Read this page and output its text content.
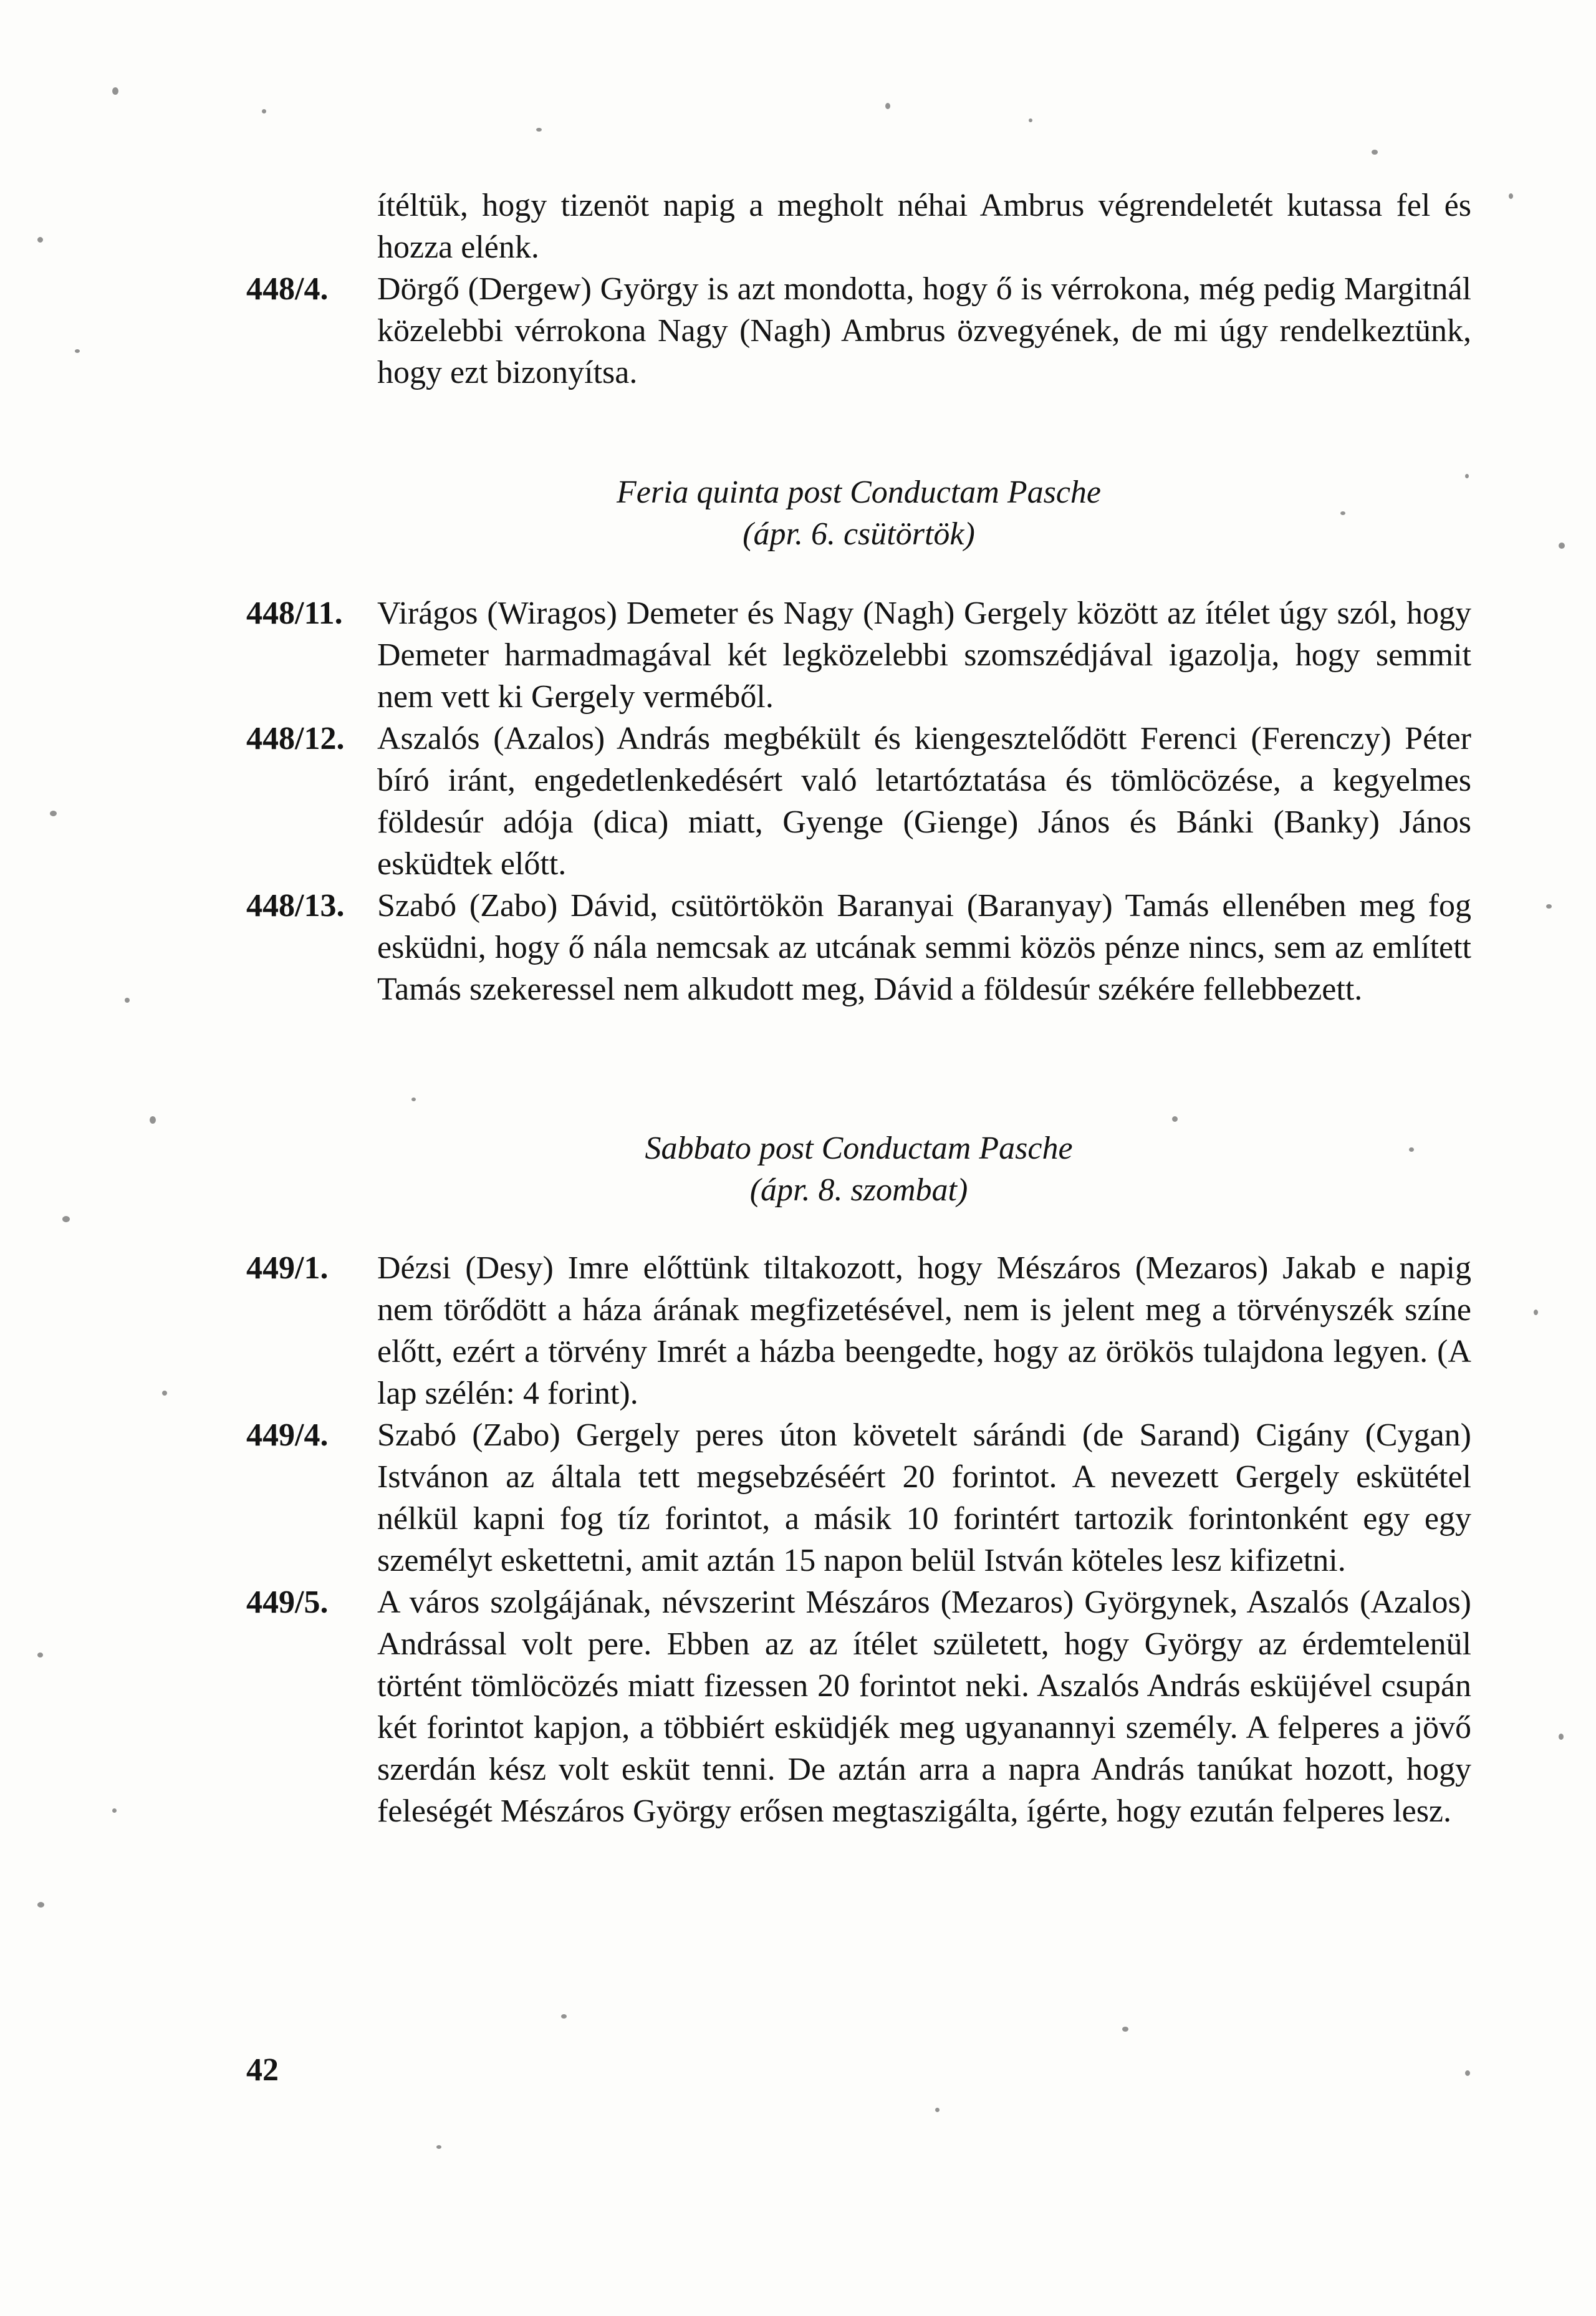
ítéltük, hogy tizenöt napig a megholt néhai Ambrus végrendeletét kutassa fel és hozza elénk.
448/4. Dörgő (Dergew) György is azt mondotta, hogy ő is vérrokona, még pedig Margitnál közelebbi vérrokona Nagy (Nagh) Ambrus özvegyének, de mi úgy rendelkeztünk, hogy ezt bizonyítsa.
Feria quinta post Conductam Pasche
(ápr. 6. csütörtök)
448/11. Virágos (Wiragos) Demeter és Nagy (Nagh) Gergely között az ítélet úgy szól, hogy Demeter harmadmagával két legközelebbi szomszédjával igazolja, hogy semmit nem vett ki Gergely verméből.
448/12. Aszalós (Azalos) András megbékült és kiengesztelődött Ferenci (Ferenczy) Péter bíró iránt, engedetlenkedésért való letartóztatása és tömlöcözése, a kegyelmes földesúr adója (dica) miatt, Gyenge (Gienge) János és Bánki (Banky) János esküdtek előtt.
448/13. Szabó (Zabo) Dávid, csütörtökön Baranyai (Baranyay) Tamás ellenében meg fog esküdni, hogy ő nála nemcsak az utcának semmi közös pénze nincs, sem az említett Tamás szekeressel nem alkudott meg, Dávid a földesúr székére fellebbezett.
Sabbato post Conductam Pasche
(ápr. 8. szombat)
449/1. Dézsi (Desy) Imre előttünk tiltakozott, hogy Mészáros (Mezaros) Jakab e napig nem törődött a háza árának megfizetésével, nem is jelent meg a törvényszék színe előtt, ezért a törvény Imrét a házba beengedte, hogy az örökös tulajdona legyen. (A lap szélén: 4 forint).
449/4. Szabó (Zabo) Gergely peres úton követelt sárándi (de Sarand) Cigány (Cygan) Istvánon az általa tett megsebzéséért 20 forintot. A nevezett Gergely eskütétel nélkül kapni fog tíz forintot, a másik 10 forintért tartozik forintonként egy egy személyt eskettetni, amit aztán 15 napon belül István köteles lesz kifizetni.
449/5. A város szolgájának, névszerint Mészáros (Mezaros) Györgynek, Aszalós (Azalos) Andrással volt pere. Ebben az az ítélet született, hogy György az érdemtelenül történt tömlöcözés miatt fizessen 20 forintot neki. Aszalós András esküjével csupán két forintot kapjon, a többiért esküdjék meg ugyanannyi személy. A felperes a jövő szerdán kész volt esküt tenni. De aztán arra a napra András tanúkat hozott, hogy feleségét Mészáros György erősen megtaszigálta, ígérte, hogy ezután felperes lesz.
42
